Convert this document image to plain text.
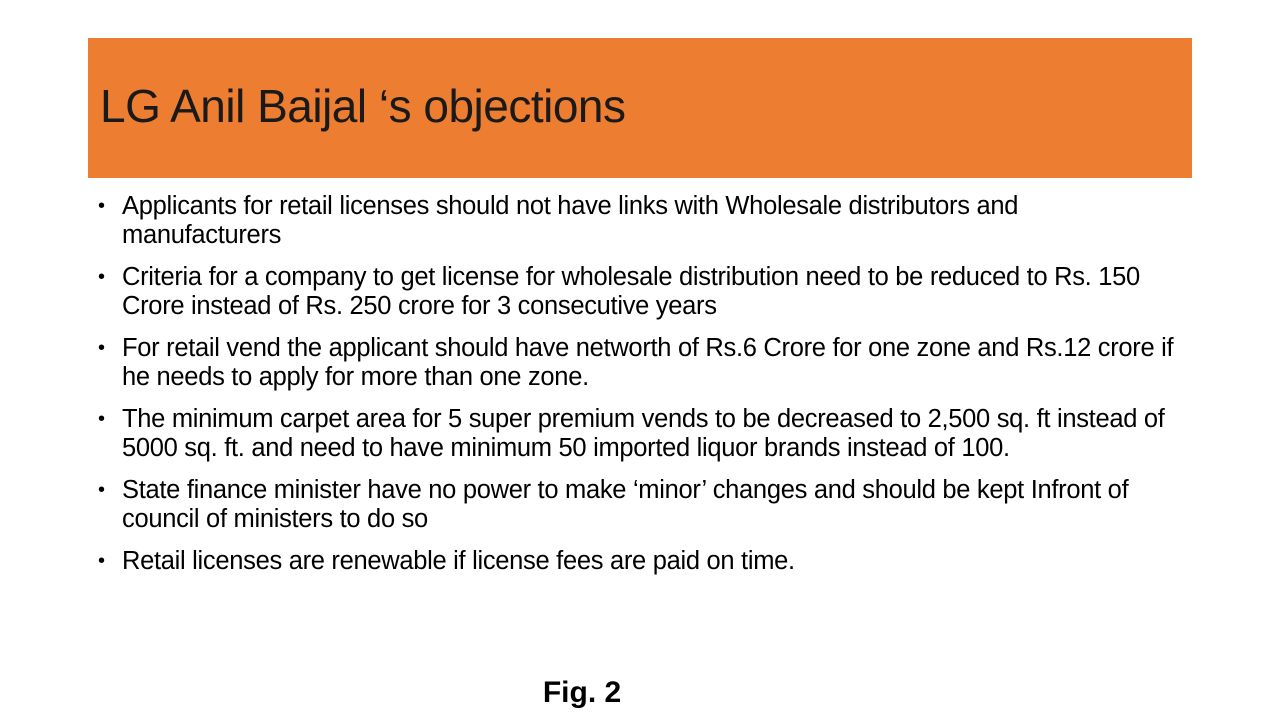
LG Anil Baijal ‘s objections
• Applicants for retail licenses should not have links with Wholesale distributors and manufacturers
• Criteria for a company to get license for wholesale distribution need to be reduced to Rs. 150 Crore instead of Rs. 250 crore for 3 consecutive years
• For retail vend the applicant should have networth of Rs.6 Crore for one zone and Rs.12 crore if he needs to apply for more than one zone.
• The minimum carpet area for 5 super premium vends to be decreased to 2,500 sq. ft instead of 5000 sq. ft. and need to have minimum 50 imported liquor brands instead of 100.
• State finance minister have no power to make ‘minor’ changes and should be kept Infront of council of ministers to do so
• Retail licenses are renewable if license fees are paid on time.
Fig. 2
